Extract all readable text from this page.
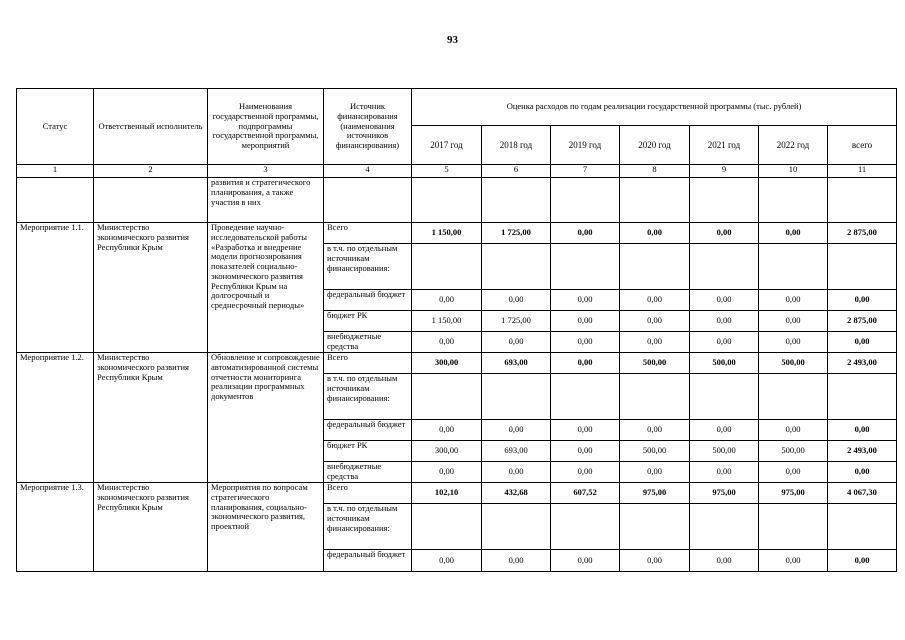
93
Статус	Ответственный исполнитель	Наименования государственной программы, подпрограммы государственной программы, мероприятий	Источник финансирования (наименования источников финансирования)	Оценка расходов по годам реализации государственной программы (тыс. рублей)						
				2017 год	2018 год	2019 год	2020 год	2021 год	2022 год	всего
1	2	3	4	5	6	7	8	9	10	11
		развития и стратегического планирования, а также участия в них								
Мероприятие 1.1.	Министерство экономического развития Республики Крым	Проведение научно-исследовательской работы «Разработка и внедрение модели прогнозирования показателей социально-экономического развития Республики Крым на долгосрочный и среднесрочный периоды»	Всего	1 150,00	1 725,00	0,00	0,00	0,00	0,00	2 875,00
			в т.ч. по отдельным источникам финансирования:							
			федеральный бюджет	0,00	0,00	0,00	0,00	0,00	0,00	0,00
			бюджет РК	1 150,00	1 725,00	0,00	0,00	0,00	0,00	2 875,00
			внебюджетные средства	0,00	0,00	0,00	0,00	0,00	0,00	0,00
Мероприятие 1.2.	Министерство экономического развития Республики Крым	Обновление и сопровождение автоматизированной системы отчетности мониторинга реализации программных документов	Всего	300,00	693,00	0,00	500,00	500,00	500,00	2 493,00
			в т.ч. по отдельным источникам финансирования:							
			федеральный бюджет	0,00	0,00	0,00	0,00	0,00	0,00	0,00
			бюджет РК	300,00	693,00	0,00	500,00	500,00	500,00	2 493,00
			внебюджетные средства	0,00	0,00	0,00	0,00	0,00	0,00	0,00
Мероприятие 1.3.	Министерство экономического развития Республики Крым	Мероприятия по вопросам стратегического планирования, социально-экономического развития, проектной	Всего	102,10	432,68	607,52	975,00	975,00	975,00	4 067,30
			в т.ч. по отдельным источникам финансирования:							
			федеральный бюджет	0,00	0,00	0,00	0,00	0,00	0,00	0,00
